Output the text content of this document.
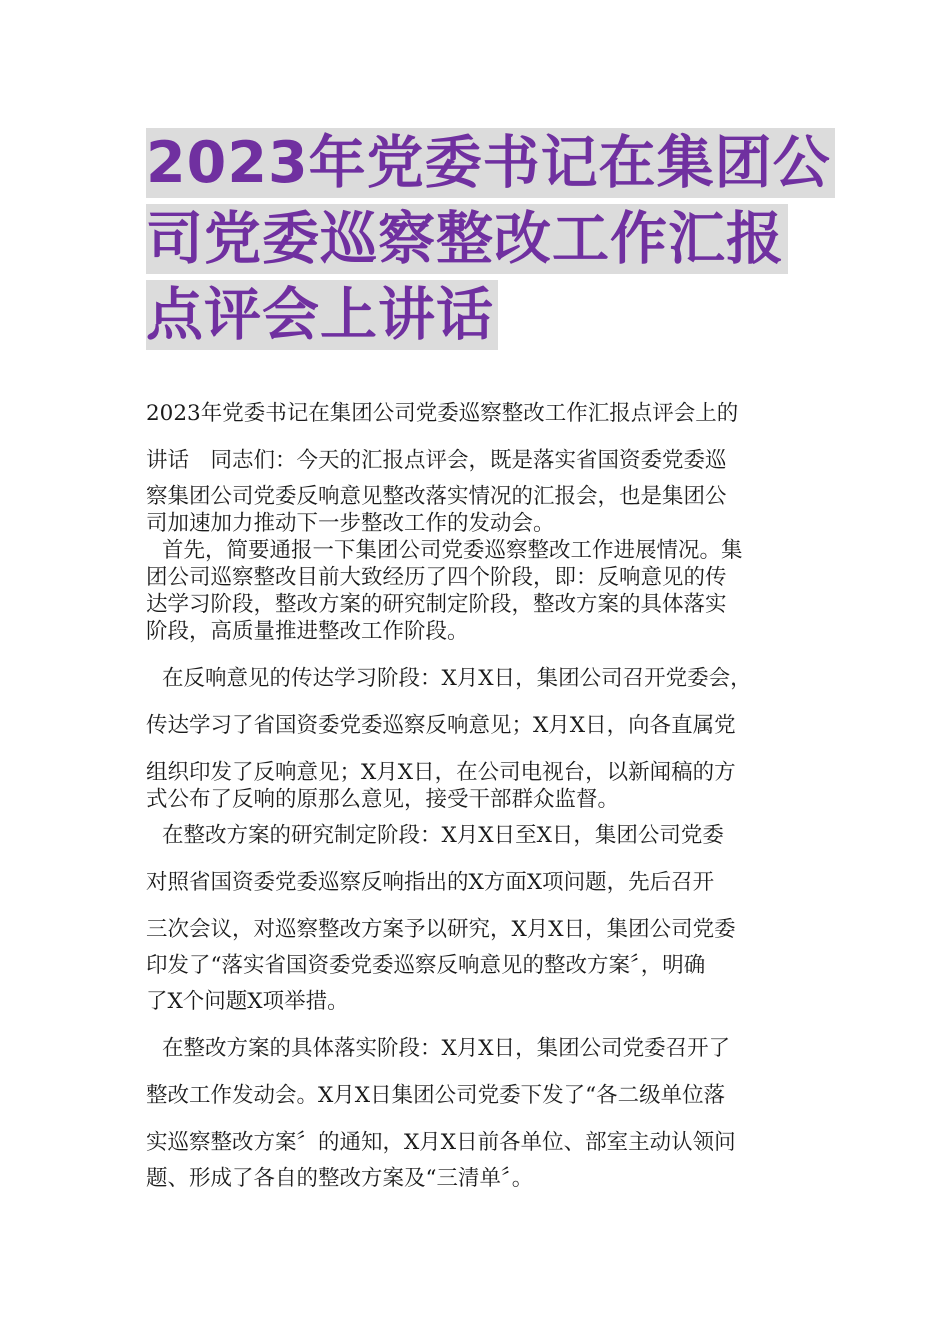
2023年党委书记在集团公
司党委巡察整改工作汇报
点评会上讲话
2023年党委书记在集团公司党委巡察整改工作汇报点评会上的
讲话　同志们：今天的汇报点评会，既是落实省国资委党委巡
察集团公司党委反响意见整改落实情况的汇报会，也是集团公
司加速加力推动下一步整改工作的发动会。
首先，简要通报一下集团公司党委巡察整改工作进展情况。集
团公司巡察整改目前大致经历了四个阶段，即：反响意见的传
达学习阶段，整改方案的研究制定阶段，整改方案的具体落实
阶段，高质量推进整改工作阶段。
在反响意见的传达学习阶段：X月X日，集团公司召开党委会，
传达学习了省国资委党委巡察反响意见；X月X日，向各直属党
组织印发了反响意见；X月X日，在公司电视台，以新闻稿的方
式公布了反响的原那么意见，接受干部群众监督。
在整改方案的研究制定阶段：X月X日至X日，集团公司党委
对照省国资委党委巡察反响指出的X方面X项问题，先后召开
三次会议，对巡察整改方案予以研究，X月X日，集团公司党委
印发了“落实省国资委党委巡察反响意见的整改方案〞，明确
了X个问题X项举措。
在整改方案的具体落实阶段：X月X日，集团公司党委召开了
整改工作发动会。X月X日集团公司党委下发了“各二级单位落
实巡察整改方案〞的通知，X月X日前各单位、部室主动认领问
题、形成了各自的整改方案及“三清单〞。
